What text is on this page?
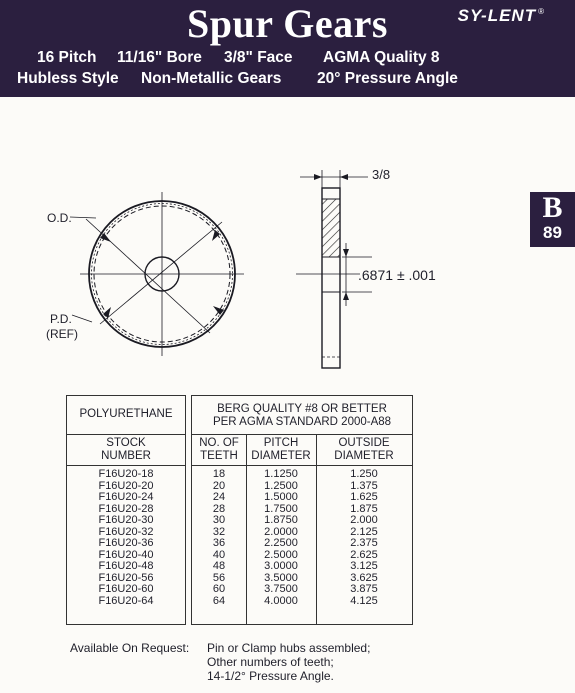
Spur Gears	SY-LENT ®
16 Pitch 11/16" Bore 3/8" Face AGMA Quality 8
Hubless Style Non-Metallic Gears 20° Pressure Angle
B
89
O.D.
P.D.
(REF)
3/8
.6871 ± .001
POLYURETHANE
STOCK
NUMBER
F16U20-18
F16U20-20
F16U20-24
F16U20-28
F16U20-30
F16U20-32
F16U20-36
F16U20-40
F16U20-48
F16U20-56
F16U20-60
F16U20-64
BERG QUALITY #8 OR BETTER
PER AGMA STANDARD 2000-A88
NO. OF
TEETH
PITCH
DIAMETER
OUTSIDE
DIAMETER
18
20
24
28
30
32
36
40
48
56
60
64
1.1250
1.2500
1.5000
1.7500
1.8750
2.0000
2.2500
2.5000
3.0000
3.5000
3.7500
4.0000
1.250
1.375
1.625
1.875
2.000
2.125
2.375
2.625
3.125
3.625
3.875
4.125
Available On Request: Pin or Clamp hubs assembled;
Other numbers of teeth;
14-1/2° Pressure Angle.
